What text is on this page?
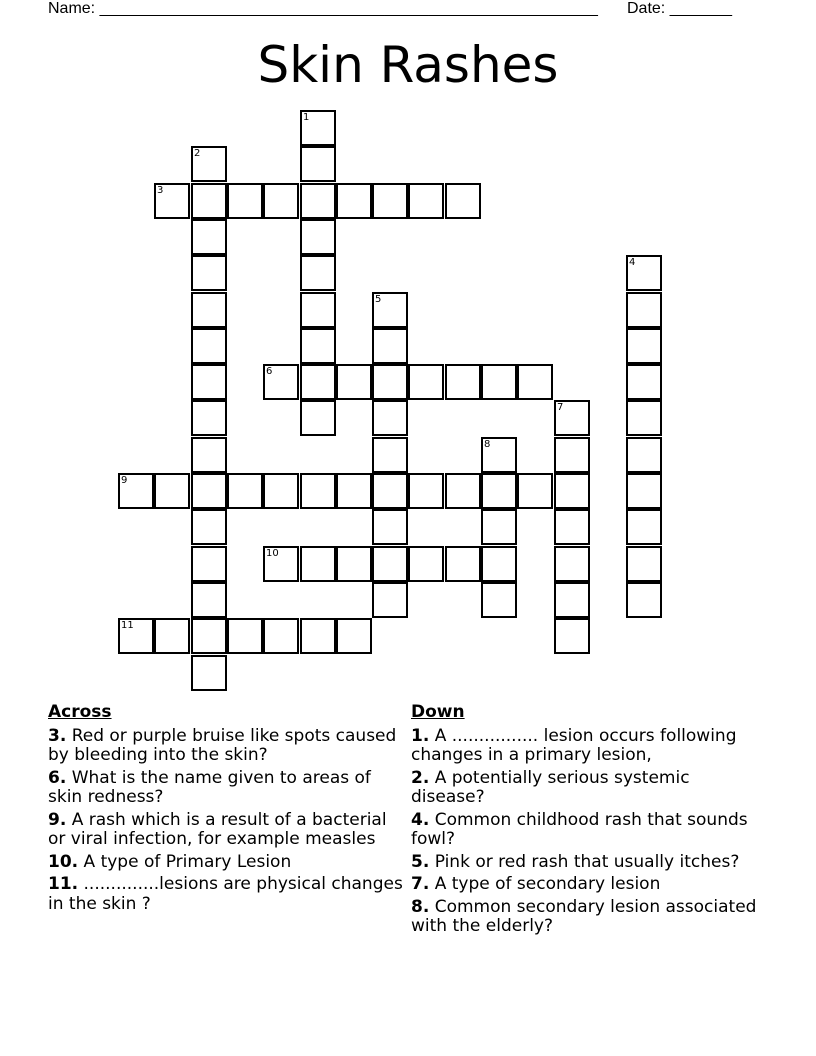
Name: ________________________________________________________ Date: _______
Skin Rashes
1
2
3
4
5
6
7
8
9
10
11
Across
3. Red or purple bruise like spots caused by bleeding into the skin?
6. What is the name given to areas of skin redness?
9. A rash which is a result of a bacterial or viral infection, for example measles
10. A type of Primary Lesion
11. ..............lesions are physical changes in the skin ?
Down
1. A ................ lesion occurs following changes in a primary lesion,
2. A potentially serious systemic disease?
4. Common childhood rash that sounds fowl?
5. Pink or red rash that usually itches?
7. A type of secondary lesion
8. Common secondary lesion associated with the elderly?
